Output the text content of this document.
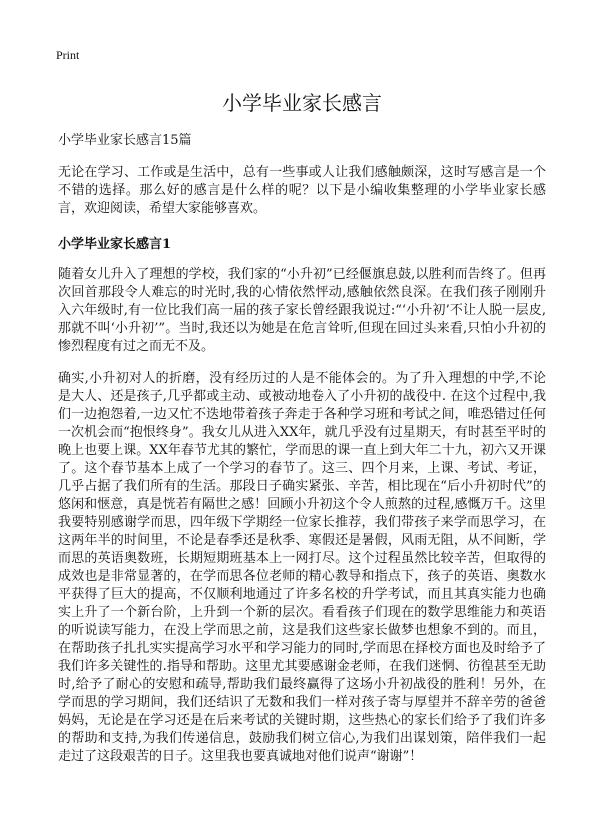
Print
小学毕业家长感言
小学毕业家长感言15篇
无论在学习、工作或是生活中，总有一些事或人让我们感触颇深，这时写感言是一个不错的选择。那么好的感言是什么样的呢？以下是小编收集整理的小学毕业家长感言，欢迎阅读，希望大家能够喜欢。
小学毕业家长感言1
随着女儿升入了理想的学校，我们家的“小升初”已经偃旗息鼓,以胜利而告终了。但再次回首那段令人难忘的时光时,我的心情依然怦动,感触依然良深。在我们孩子刚刚升入六年级时,有一位比我们高一届的孩子家长曾经跟我说过:“‘小升初’不让人脱一层皮,那就不叫‘小升初’”。当时,我还以为她是在危言耸听,但现在回过头来看,只怕小升初的惨烈程度有过之而无不及。
确实,小升初对人的折磨，没有经历过的人是不能体会的。为了升入理想的中学,不论是大人、还是孩子,几乎都或主动、或被动地卷入了小升初的战役中. 在这个过程中,我们一边抱怨着,一边又忙不迭地带着孩子奔走于各种学习班和考试之间，唯恐错过任何一次机会而“抱恨终身”。我女儿从进入XX年，就几乎没有过星期天，有时甚至平时的晚上也要上课。XX年春节尤其的繁忙，学而思的课一直上到大年二十九，初六又开课了。这个春节基本上成了一个学习的春节了。这三、四个月来，上课、考试、考证，几乎占据了我们所有的生活。那段日子确实紧张、辛苦，相比现在“后小升初时代”的悠闲和惬意，真是恍若有隔世之感！回顾小升初这个令人煎熬的过程,感慨万千。这里我要特别感谢学而思，四年级下学期经一位家长推荐，我们带孩子来学而思学习，在这两年半的时间里，不论是春季还是秋季、寒假还是暑假，风雨无阻，从不间断，学而思的英语奥数班，长期短期班基本上一网打尽。这个过程虽然比较辛苦，但取得的成效也是非常显著的，在学而思各位老师的精心教导和指点下，孩子的英语、奥数水平获得了巨大的提高，不仅顺利地通过了许多名校的升学考试，而且其真实能力也确实上升了一个新台阶，上升到一个新的层次。看看孩子们现在的数学思维能力和英语的听说读写能力，在没上学而思之前，这是我们这些家长做梦也想象不到的。而且，在帮助孩子扎扎实实提高学习水平和学习能力的同时,学而思在择校方面也及时给予了我们许多关键性的.指导和帮助。这里尤其要感谢金老师，在我们迷惘、彷徨甚至无助时,给予了耐心的安慰和疏导,帮助我们最终赢得了这场小升初战役的胜利！另外，在学而思的学习期间，我们还结识了无数和我们一样对孩子寄与厚望并不辞辛劳的爸爸妈妈，无论是在学习还是在后来考试的关键时期，这些热心的家长们给予了我们许多的帮助和支持,为我们传递信息，鼓励我们树立信心,为我们出谋划策，陪伴我们一起走过了这段艰苦的日子。这里我也要真诚地对他们说声“谢谢”！
